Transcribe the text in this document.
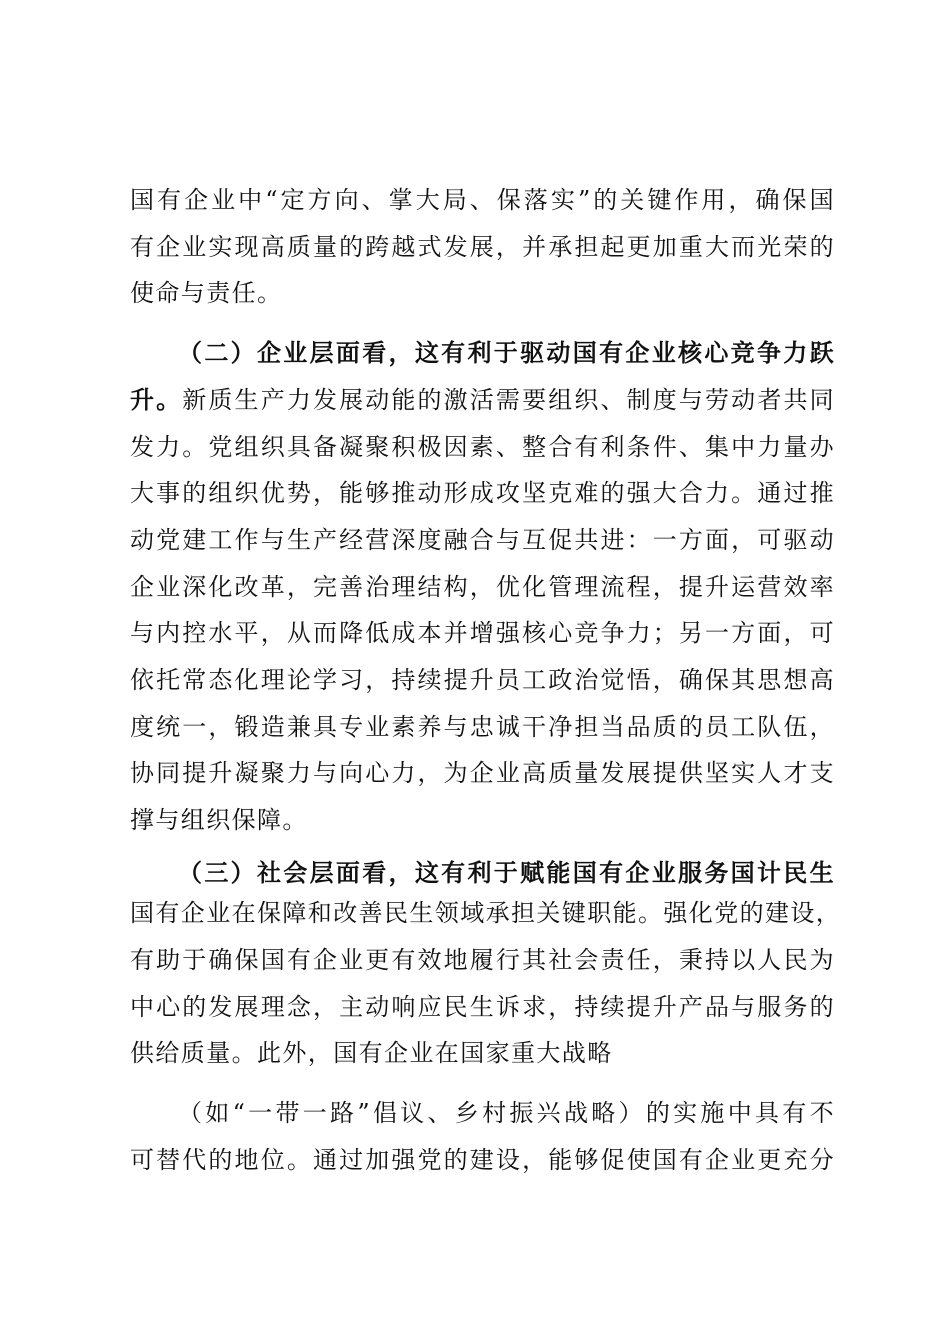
国有企业中“定方向、掌大局、保落实”的关键作用，确保国
有企业实现高质量的跨越式发展，并承担起更加重大而光荣的
使命与责任。
（二）企业层面看，这有利于驱动国有企业核心竞争力跃
升。新质生产力发展动能的激活需要组织、制度与劳动者共同
发力。党组织具备凝聚积极因素、整合有利条件、集中力量办
大事的组织优势，能够推动形成攻坚克难的强大合力。通过推
动党建工作与生产经营深度融合与互促共进：一方面，可驱动
企业深化改革，完善治理结构，优化管理流程，提升运营效率
与内控水平，从而降低成本并增强核心竞争力；另一方面，可
依托常态化理论学习，持续提升员工政治觉悟，确保其思想高
度统一，锻造兼具专业素养与忠诚干净担当品质的员工队伍，
协同提升凝聚力与向心力，为企业高质量发展提供坚实人才支
撑与组织保障。
（三）社会层面看，这有利于赋能国有企业服务国计民生
国有企业在保障和改善民生领域承担关键职能。强化党的建设，
有助于确保国有企业更有效地履行其社会责任，秉持以人民为
中心的发展理念，主动响应民生诉求，持续提升产品与服务的
供给质量。此外，国有企业在国家重大战略
（如“一带一路”倡议、乡村振兴战略）的实施中具有不
可替代的地位。通过加强党的建设，能够促使国有企业更充分
